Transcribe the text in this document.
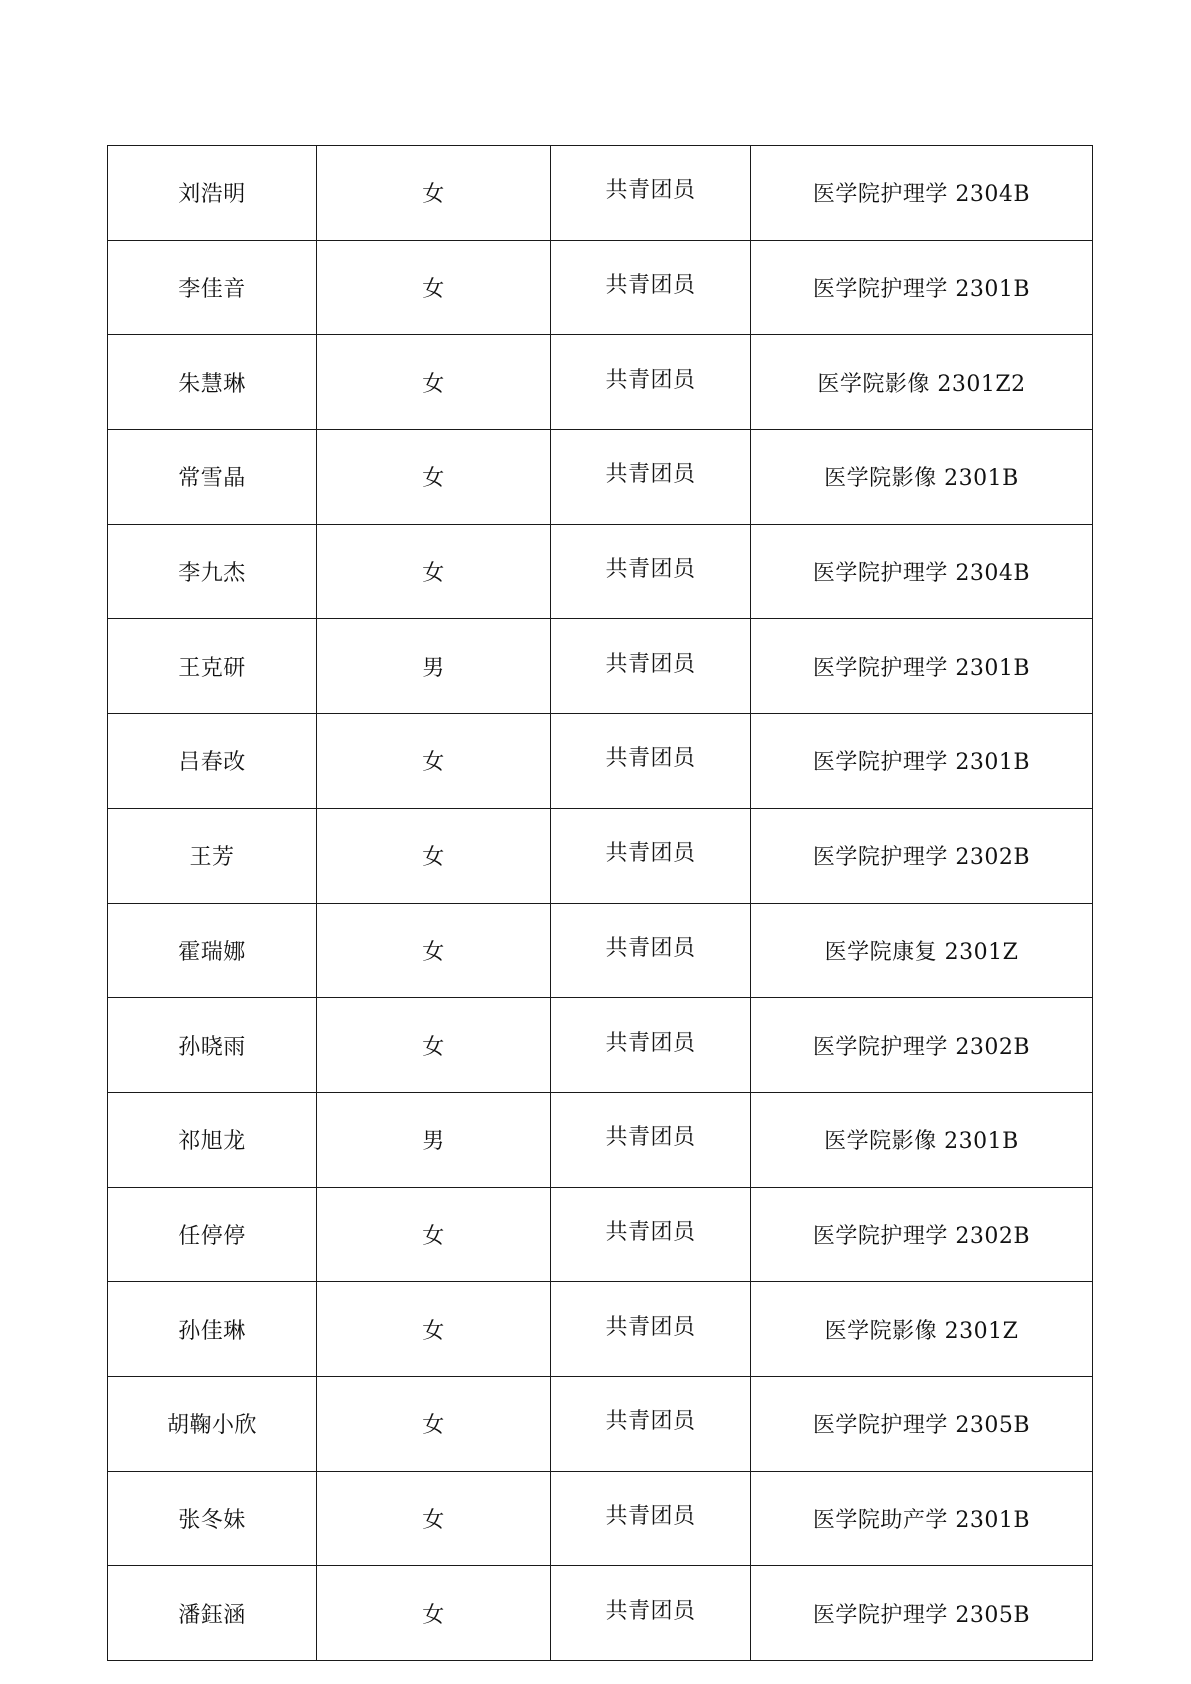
刘浩明	女	共青团员	医学院护理学 2304B
李佳音	女	共青团员	医学院护理学 2301B
朱慧琳	女	共青团员	医学院影像 2301Z2
常雪晶	女	共青团员	医学院影像 2301B
李九杰	女	共青团员	医学院护理学 2304B
王克研	男	共青团员	医学院护理学 2301B
吕春改	女	共青团员	医学院护理学 2301B
王芳	女	共青团员	医学院护理学 2302B
霍瑞娜	女	共青团员	医学院康复 2301Z
孙晓雨	女	共青团员	医学院护理学 2302B
祁旭龙	男	共青团员	医学院影像 2301B
任停停	女	共青团员	医学院护理学 2302B
孙佳琳	女	共青团员	医学院影像 2301Z
胡鞠小欣	女	共青团员	医学院护理学 2305B
张冬妹	女	共青团员	医学院助产学 2301B
潘鈺涵	女	共青团员	医学院护理学 2305B
